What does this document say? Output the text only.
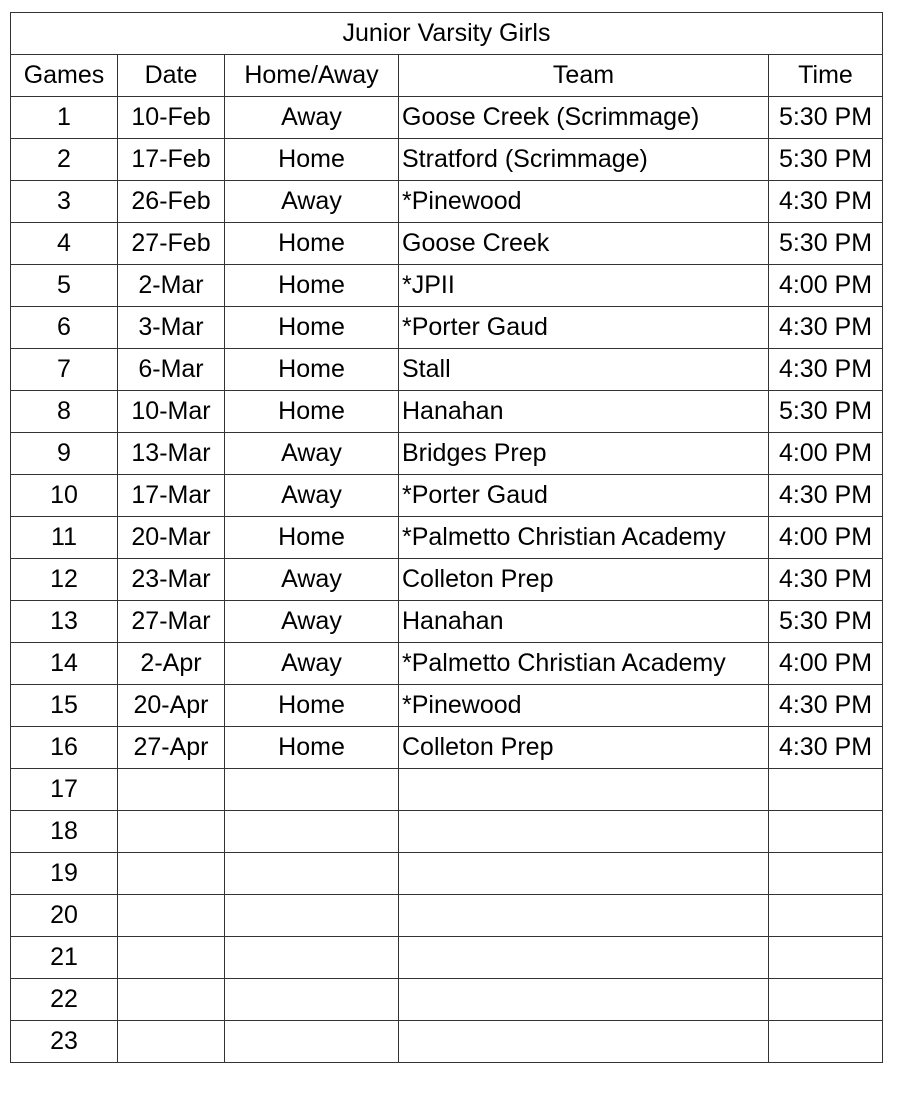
Junior Varsity Girls				
Games	Date	Home/Away	Team	Time
1	10-Feb	Away	Goose Creek (Scrimmage)	5:30 PM
2	17-Feb	Home	Stratford (Scrimmage)	5:30 PM
3	26-Feb	Away	*Pinewood	4:30 PM
4	27-Feb	Home	Goose Creek	5:30 PM
5	2-Mar	Home	*JPII	4:00 PM
6	3-Mar	Home	*Porter Gaud	4:30 PM
7	6-Mar	Home	Stall	4:30 PM
8	10-Mar	Home	Hanahan	5:30 PM
9	13-Mar	Away	Bridges Prep	4:00 PM
10	17-Mar	Away	*Porter Gaud	4:30 PM
11	20-Mar	Home	*Palmetto Christian Academy	4:00 PM
12	23-Mar	Away	Colleton Prep	4:30 PM
13	27-Mar	Away	Hanahan	5:30 PM
14	2-Apr	Away	*Palmetto Christian Academy	4:00 PM
15	20-Apr	Home	*Pinewood	4:30 PM
16	27-Apr	Home	Colleton Prep	4:30 PM
17				
18				
19				
20				
21				
22				
23				
